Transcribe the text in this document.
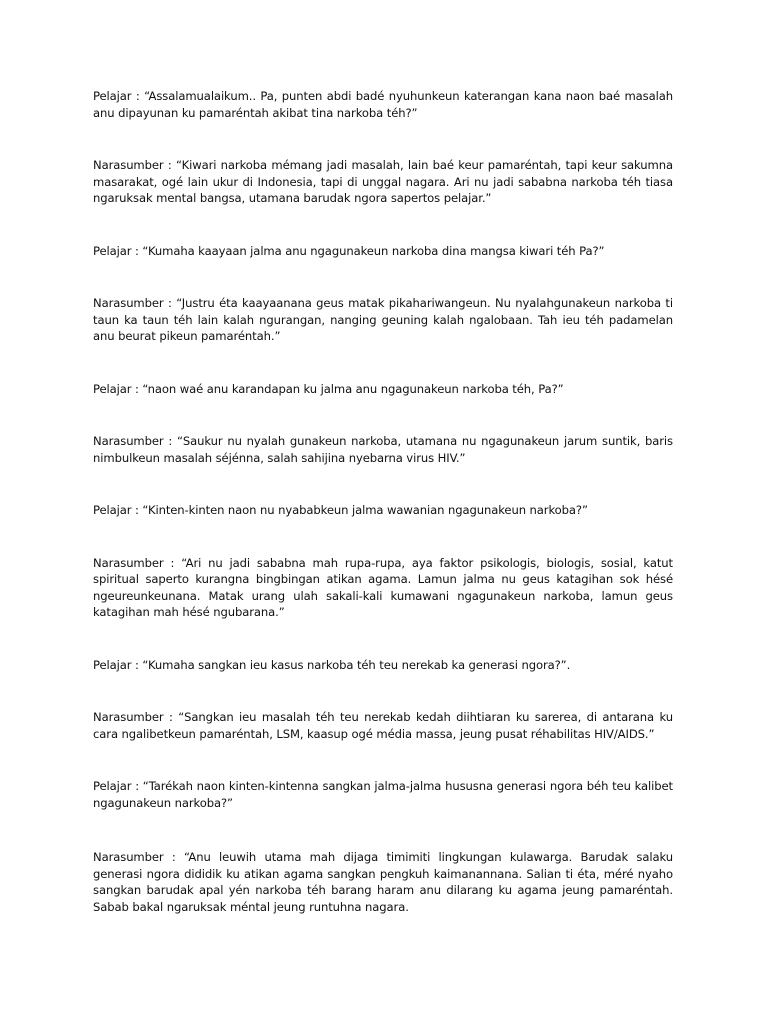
Pelajar : “Assalamualaikum.. Pa, punten abdi badé nyuhunkeun katerangan kana naon baé masalah anu dipayunan ku pamaréntah akibat tina narkoba téh?”

Narasumber : “Kiwari narkoba mémang jadi masalah, lain baé keur pamaréntah, tapi keur sakumna masarakat, ogé lain ukur di Indonesia, tapi di unggal nagara. Ari nu jadi sababna narkoba téh tiasa ngaruksak mental bangsa, utamana barudak ngora sapertos pelajar.”

Pelajar : “Kumaha kaayaan jalma anu ngagunakeun narkoba dina mangsa kiwari téh Pa?”

Narasumber : “Justru éta kaayaanana geus matak pikahariwangeun. Nu nyalahgunakeun narkoba ti taun ka taun téh lain kalah ngurangan, nanging geuning kalah ngalobaan. Tah ieu téh padamelan anu beurat pikeun pamaréntah.”

Pelajar : “naon waé anu karandapan ku jalma anu ngagunakeun narkoba téh, Pa?”

Narasumber : “Saukur nu nyalah gunakeun narkoba, utamana nu ngagunakeun jarum suntik, baris nimbulkeun masalah séjénna, salah sahijina nyebarna virus HIV.”

Pelajar : “Kinten-kinten naon nu nyababkeun jalma wawanian ngagunakeun narkoba?”

Narasumber : “Ari nu jadi sababna mah rupa-rupa, aya faktor psikologis, biologis, sosial, katut spiritual saperto kurangna bingbingan atikan agama. Lamun jalma nu geus katagihan sok hésé ngeureunkeunana. Matak urang ulah sakali-kali kumawani ngagunakeun narkoba, lamun geus katagihan mah hésé ngubarana.”

Pelajar : “Kumaha sangkan ieu kasus narkoba téh teu nerekab ka generasi ngora?”.

Narasumber : “Sangkan ieu masalah téh teu nerekab kedah diihtiaran ku sarerea, di antarana ku cara ngalibetkeun pamaréntah, LSM, kaasup ogé média massa, jeung pusat réhabilitas HIV/AIDS.”

Pelajar : “Tarékah naon kinten-kintenna sangkan jalma-jalma hususna generasi ngora béh teu kalibet ngagunakeun narkoba?”

Narasumber : “Anu leuwih utama mah dijaga timimiti lingkungan kulawarga. Barudak salaku generasi ngora dididik ku atikan agama sangkan pengkuh kaimanannana. Salian ti éta, méré nyaho sangkan barudak apal yén narkoba téh barang haram anu dilarang ku agama jeung pamaréntah. Sabab bakal ngaruksak méntal jeung runtuhna nagara.
